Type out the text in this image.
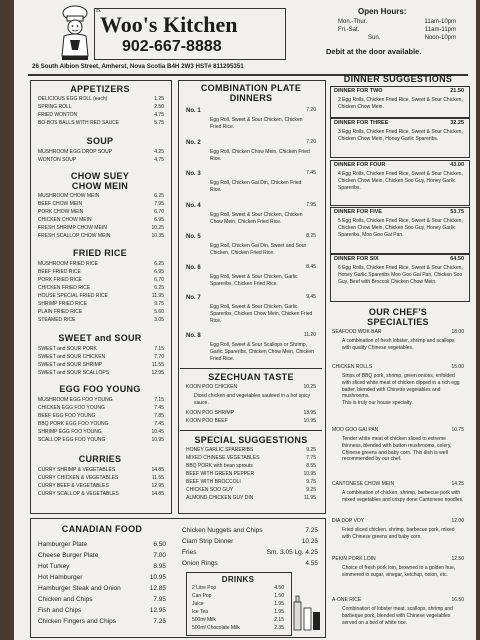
B.
Woo's Kitchen
902-667-8888
26 South Albion Street, Amherst, Nova Scotia B4H 2W3 HST# 811295351
Open Hours:
Mon.-Thur.	11am-10pm
Fri.-Sat.	11am-11pm
Sun.	Noon-10pm
Debit at the door available.
APPETIZERS
DELICIOUS EGG ROLL (each)	1.25
SPRING ROLL	2.50
FRIED WONTON	4.75
BO-BOS BALLS WITH RED SAUCE	5.75
SOUP
MUSHROOM EGG DROP SOUP	4.25
WONTON SOUP	4.75
CHOW SUEY
CHOW MEIN
MUSHROOM CHOW MEIN	6.25
BEEF CHOW MEIN	7.95
PORK CHOW MEIN	6.70
CHICKEN CHOW MEIN	6.95
FRESH SHRIMP CHOW MEIN	10.25
FRESH SCALLOP CHOW MEIN	10.35
FRIED RICE
MUSHROOM FRIED RICE	6.25
BEEF FRIED RICE	6.95
PORK FRIED RICE	6.70
CHICKEN FRIED RICE	6.25
HOUSE SPECIAL FRIED RICE	11.95
SHRIMP FRIED RICE	9.75
PLAIN FRIED RICE	5.60
STEAMED RICE	3.05
SWEET and SOUR
SWEET and SOUR PORK	7.15
SWEET and SOUR CHICKEN	7.70
SWEET and SOUR SHRIMP	11.55
SWEET and SOUR SCALLOPS	12.95
EGG FOO YOUNG
MUSHROOM EGG FOO YOUNG	7.15
CHICKEN EGG FOO YOUNG	7.45
BEEF EGG FOO YOUNG	7.85
BBQ PORK EGG FOO YOUNG	7.45
SHRIMP EGG FOO YOUNG	10.45
SCALLOP EGG FOO YOUNG	10.95
CURRIES
CURRY SHRIMP & VEGETABLES	14.85
CURRY CHICKEN & VEGETABLES	11.55
CURRY BEEF & VEGETABLES	12.95
CURRY SCALLOP & VEGETABLES	14.85
COMBINATION PLATE
DINNERS
No. 1	7.20
Egg Roll, Sweet & Sour Chicken, Chicken Fried Rice.
No. 2	7.20
Egg Roll, Chicken Chow Mein, Chicken Fried Rice.
No. 3	7.45
Egg Roll, Chicken Gai Din, Chicken Fried Rice.
No. 4	7.95
Egg Roll, Sweet & Sour Chicken, Chicken Chow Mein, Chicken Fried Rice.
No. 5	8.25
Egg Roll, Chicken Gai Din, Sweet and Sour Chicken, Chicken Fried Rice.
No. 6	8.45
Egg Roll, Sweet & Sour Chicken, Garlic Spareribs, Chicken Fried Rice.
No. 7	9.45
Egg Roll, Sweet & Sour Chicken, Garlic Spareribs, Chicken Chow Mein, Chicken Fried Rice.
No. 8	11.20
Egg Roll, Sweet & Sour Scallops or Shrimp, Garlic Spareribs, Chicken Chow Mein, Chicken Fried Rice.
SZECHUAN TASTE
KOON POO CHICKEN	10.25
Diced chicken and vegetables sauteed in a hot spicy sauce.
KOON POO SHRIMP	13.95
KOON POO BEEF	10.95
SPECIAL SUGGESTIONS
HONEY GARLIC SPARERIBS	9.25
MIXED CHINESE VEGETABLES	7.75
BBQ PORK with bean sprouts	8.55
BEEF WITH GREEN PEPPER	10.95
BEEF WITH BROCCOLI	9.75
CHICKEN SOO GUY	9.25
ALMOND CHICKEN GUY DIN	11.95
DINNER SUGGESTIONS
DINNER FOR TWO	21.50
2 Egg Rolls, Chicken Fried Rice, Sweet & Sour Chicken, Chicken Chow Mein.
DINNER FOR THREE	32.25
3 Egg Rolls, Chicken Fried Rice, Sweet & Sour Chicken, Chicken Chow Mein, Honey Garlic Spareribs.
DINNER FOR FOUR	43.00
4 Egg Rolls, Chicken Fried Rice, Sweet & Sour Chicken, Chicken Chow Mein, Chicken Soo Guy, Honey Garlic Spareribs.
DINNER FOR FIVE	53.75
5 Egg Rolls, Chicken Fried Rice, Sweet & Sour Chicken, Chicken Chow Mein, Chicken Soo Guy, Honey Garlic Spareribs, Moo Goo Gai Pan.
DINNER FOR SIX	64.50
6 Egg Rolls, Chicken Fried Rice, Sweet & Sour Chicken, Honey Garlic Spareribs Moo Goo Gai Pan, Chicken Soo Guy, Beef with Broccoli Chicken Chow Mein.
OUR CHEF'S
SPECIALTIES
SEAFOOD WOK BAR	18.00
A combination of fresh lobster, shrimp and scallops with quality Chinese vegetables.
CHICKEN ROLLS	15.00
Strips of BBQ pork, shrimp, green onions, enfolded with sliced white meat of chicken dipped in a rich egg batter, blended with Chinese vegetables and mushrooms.
This is truly our house specialty.
MOO GOO GAI PAN	10.75
Tender white meat of chicken sliced to extreme thinness, blended with button mushrooms, celery, Chinese greens and baby corn. This dish is well recommended by our chef.
CANTONESE CHOW MEIN	14.25
A combination of chicken, shrimp, barbecue pork with mixed vegetables and crispy done Cantonese noodles.
DIA DOP VOY	12.00
Fried sliced chicken, shrimp, barbecue pork, mixed with Chinese greens and baby corn.
PEKIN PORK LOIN	12.50
Choice of fresh pork loin, browned to a golden hue, simmered in sugar, vinegar, ketchup, onion, etc.
A-ONE RICE	16.50
Combination of lobster meat, scallops, shrimp and barbeque pork, blended with Chinese vegetables served on a bed of white rice.
CANADIAN FOOD
Hamburger Plate	6.50
Cheese Burger Plate	7.00
Hot Turkey	8.95
Hot Hamburger	10.95
Hamburger Steak and Onion	12.85
Chicken and Chips	7.95
Fish and Chips	12.95
Chicken Fingers and Chips	7.25
Chicken Nuggets and Chips	7.25
Clam Strip Dinner	10.25
Fries	Sm. 3.05 Lg. 4.25
Onion Rings	4.55
DRINKS
2 Litre Pop	4.50
Can Pop	1.50
Juice	1.95
Ice Tea	1.95
500ml Milk	2.15
500ml Chocolate Milk	2.35
